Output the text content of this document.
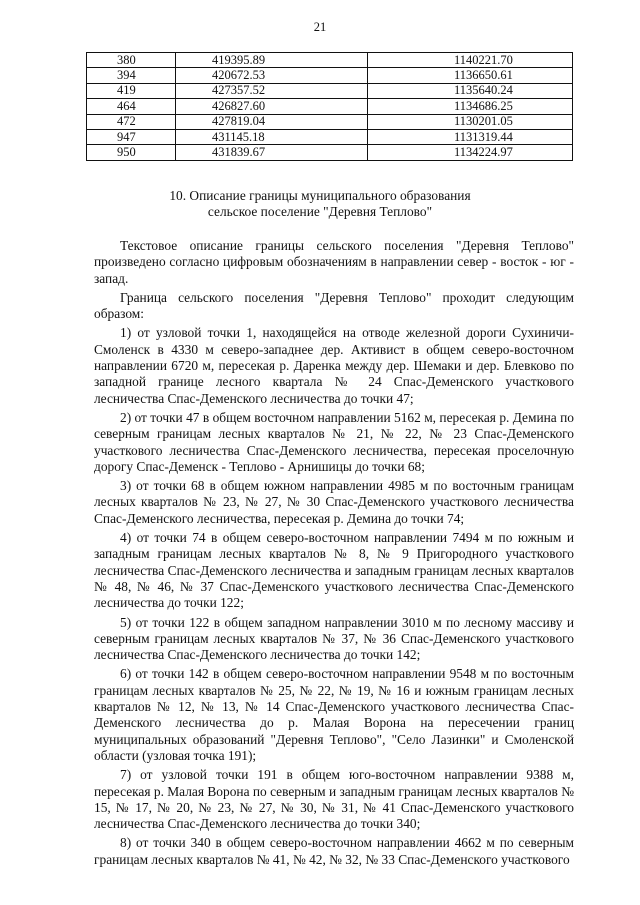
21
380	419395.89	1140221.70
394	420672.53	1136650.61
419	427357.52	1135640.24
464	426827.60	1134686.25
472	427819.04	1130201.05
947	431145.18	1131319.44
950	431839.67	1134224.97
10. Описание границы муниципального образования
сельское поселение "Деревня Теплово"

Текстовое описание границы сельского поселения "Деревня Теплово" произведено согласно цифровым обозначениям в направлении север - восток - юг - запад.

Граница сельского поселения "Деревня Теплово" проходит следующим образом:

1) от узловой точки 1, находящейся на отводе железной дороги Сухиничи-Смоленск в 4330 м северо-западнее дер. Активист в общем северо-восточном направлении 6720 м, пересекая р. Даренка между дер. Шемаки и дер. Блевково по западной границе лесного квартала № 24 Спас-Деменского участкового лесничества Спас-Деменского лесничества до точки 47;

2) от точки 47 в общем восточном направлении 5162 м, пересекая р. Демина по северным границам лесных кварталов № 21, № 22, № 23 Спас-Деменского участкового лесничества Спас-Деменского лесничества, пересекая проселочную дорогу Спас-Деменск - Теплово - Арнишицы до точки 68;

3) от точки 68 в общем южном направлении 4985 м по восточным границам лесных кварталов № 23, № 27, № 30 Спас-Деменского участкового лесничества Спас-Деменского лесничества, пересекая р. Демина до точки 74;

4) от точки 74 в общем северо-восточном направлении 7494 м по южным и западным границам лесных кварталов № 8, № 9 Пригородного участкового лесничества Спас-Деменского лесничества и западным границам лесных кварталов № 48, № 46, № 37 Спас-Деменского участкового лесничества Спас-Деменского лесничества до точки 122;

5) от точки 122 в общем западном направлении 3010 м по лесному массиву и северным границам лесных кварталов № 37, № 36 Спас-Деменского участкового лесничества Спас-Деменского лесничества до точки 142;

6) от точки 142 в общем северо-восточном направлении 9548 м по восточным границам лесных кварталов № 25, № 22, № 19, № 16 и южным границам лесных кварталов № 12, № 13, № 14 Спас-Деменского участкового лесничества Спас-Деменского лесничества до р. Малая Ворона на пересечении границ муниципальных образований "Деревня Теплово", "Село Лазинки" и Смоленской области (узловая точка 191);

7) от узловой точки 191 в общем юго-восточном направлении 9388 м, пересекая р. Малая Ворона по северным и западным границам лесных кварталов № 15, № 17, № 20, № 23, № 27, № 30, № 31, № 41 Спас-Деменского участкового лесничества Спас-Деменского лесничества до точки 340;

8) от точки 340 в общем северо-восточном направлении 4662 м по северным границам лесных кварталов № 41, № 42, № 32, № 33 Спас-Деменского участкового
